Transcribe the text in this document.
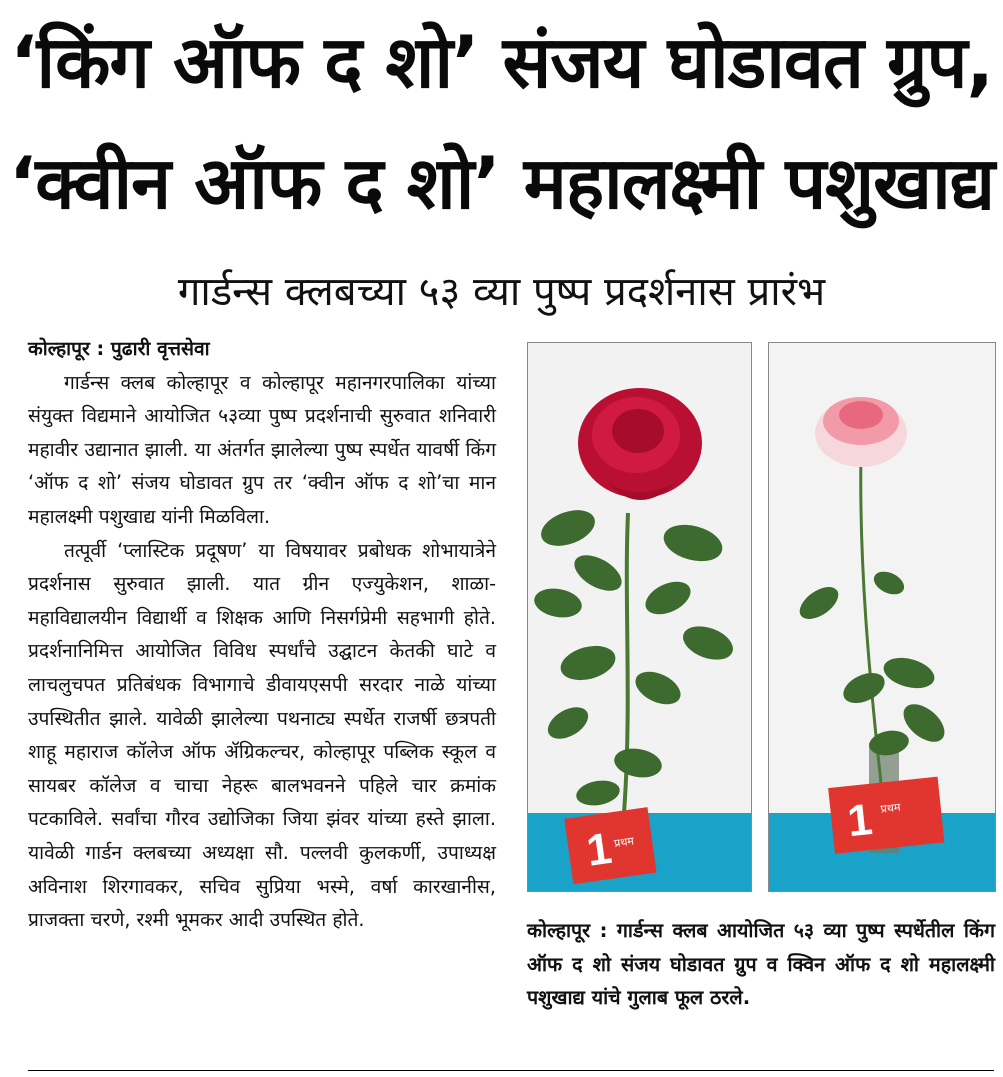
‘किंग ऑफ द शो’ संजय घोडावत ग्रुप,
‘क्वीन ऑफ द शो’ महालक्ष्मी पशुखाद्य
गार्डन्स क्लबच्या ५३ व्या पुष्प प्रदर्शनास प्रारंभ
कोल्हापूर : पुढारी वृत्तसेवा

गार्डन्स क्लब कोल्हापूर व कोल्हापूर महानगरपालिका यांच्या संयुक्त विद्यमाने आयोजित ५३व्या पुष्प प्रदर्शनाची सुरुवात शनिवारी महावीर उद्यानात झाली. या अंतर्गत झालेल्या पुष्प स्पर्धेत यावर्षी किंग ‘ऑफ द शो’ संजय घोडावत ग्रुप तर ‘क्वीन ऑफ द शो’चा मान महालक्ष्मी पशुखाद्य यांनी मिळविला.

तत्पूर्वी ‘प्लास्टिक प्रदूषण’ या विषयावर प्रबोधक शोभायात्रेने प्रदर्शनास सुरुवात झाली. यात ग्रीन एज्युकेशन, शाळा-महाविद्यालयीन विद्यार्थी व शिक्षक आणि निसर्गप्रेमी सहभागी होते. प्रदर्शनानिमित्त आयोजित विविध स्पर्धांचे उद्घाटन केतकी घाटे व लाचलुचपत प्रतिबंधक विभागाचे डीवायएसपी सरदार नाळे यांच्या उपस्थितीत झाले. यावेळी झालेल्या पथनाट्य स्पर्धेत राजर्षी छत्रपती शाहू महाराज कॉलेज ऑफ ॲग्रिकल्चर, कोल्हापूर पब्लिक स्कूल व सायबर कॉलेज व चाचा नेहरू बालभवनने पहिले चार क्रमांक पटकाविले. सर्वांचा गौरव उद्योजिका जिया झंवर यांच्या हस्ते झाला. यावेळी गार्डन क्लबच्या अध्यक्षा सौ. पल्लवी कुलकर्णी, उपाध्यक्ष अविनाश शिरगावकर, सचिव सुप्रिया भस्मे, वर्षा कारखानीस, प्राजक्ता चरणे, रश्मी भूमकर आदी उपस्थित होते.

1
प्रथम	1 प्रथम
कोल्हापूर : गार्डन्स क्लब आयोजित ५३ व्या पुष्प स्पर्धेतील किंग ऑफ द शो संजय घोडावत ग्रुप व क्विन ऑफ द शो महालक्ष्मी पशुखाद्य यांचे गुलाब फूल ठरले.
